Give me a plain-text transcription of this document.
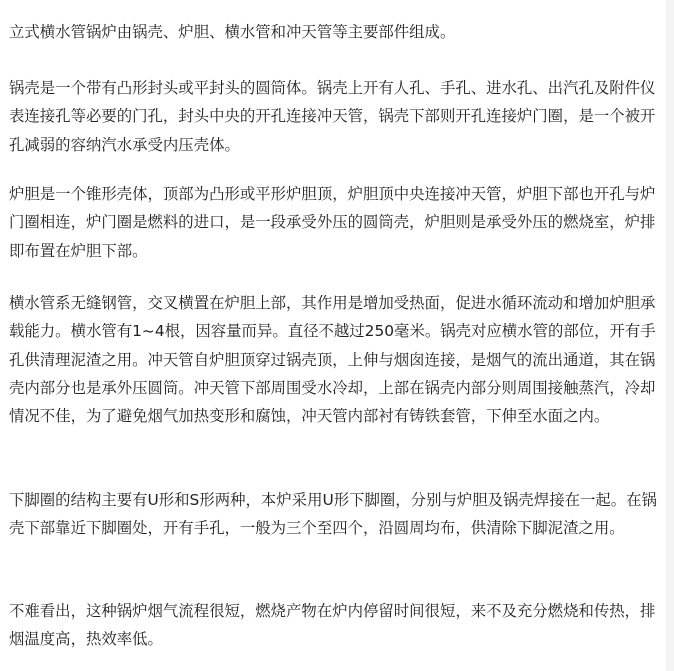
立式横水管锅炉由锅壳、炉胆、横水管和冲天管等主要部件组成。

锅壳是一个带有凸形封头或平封头的圆筒体。锅壳上开有人孔、手孔、进水孔、出汽孔及附件仪表连接孔等必要的门孔，封头中央的开孔连接冲天管，锅壳下部则开孔连接炉门圈，是一个被开孔减弱的容纳汽水承受内压壳体。

炉胆是一个锥形壳体，顶部为凸形或平形炉胆顶，炉胆顶中央连接冲天管，炉胆下部也开孔与炉门圈相连，炉门圈是燃料的进口，是一段承受外压的圆筒壳，炉胆则是承受外压的燃烧室，炉排即布置在炉胆下部。

横水管系无缝钢管，交叉横置在炉胆上部，其作用是增加受热面，促进水循环流动和增加炉胆承载能力。横水管有1~4根，因容量而异。直径不越过250毫米。锅壳对应横水管的部位，开有手孔供清理泥渣之用。冲天管自炉胆顶穿过锅壳顶，上伸与烟囱连接，是烟气的流出通道，其在锅壳内部分也是承外压圆筒。冲天管下部周围受水冷却，上部在锅壳内部分则周围接触蒸汽，冷却情况不佳，为了避免烟气加热变形和腐蚀，冲天管内部衬有铸铁套管，下伸至水面之内。

下脚圈的结构主要有U形和S形两种，本炉采用U形下脚圈，分别与炉胆及锅壳焊接在一起。在锅壳下部靠近下脚圈处，开有手孔，一般为三个至四个，沿圆周均布，供清除下脚泥渣之用。

不难看出，这种锅炉烟气流程很短，燃烧产物在炉内停留时间很短，来不及充分燃烧和传热，排烟温度高，热效率低。
